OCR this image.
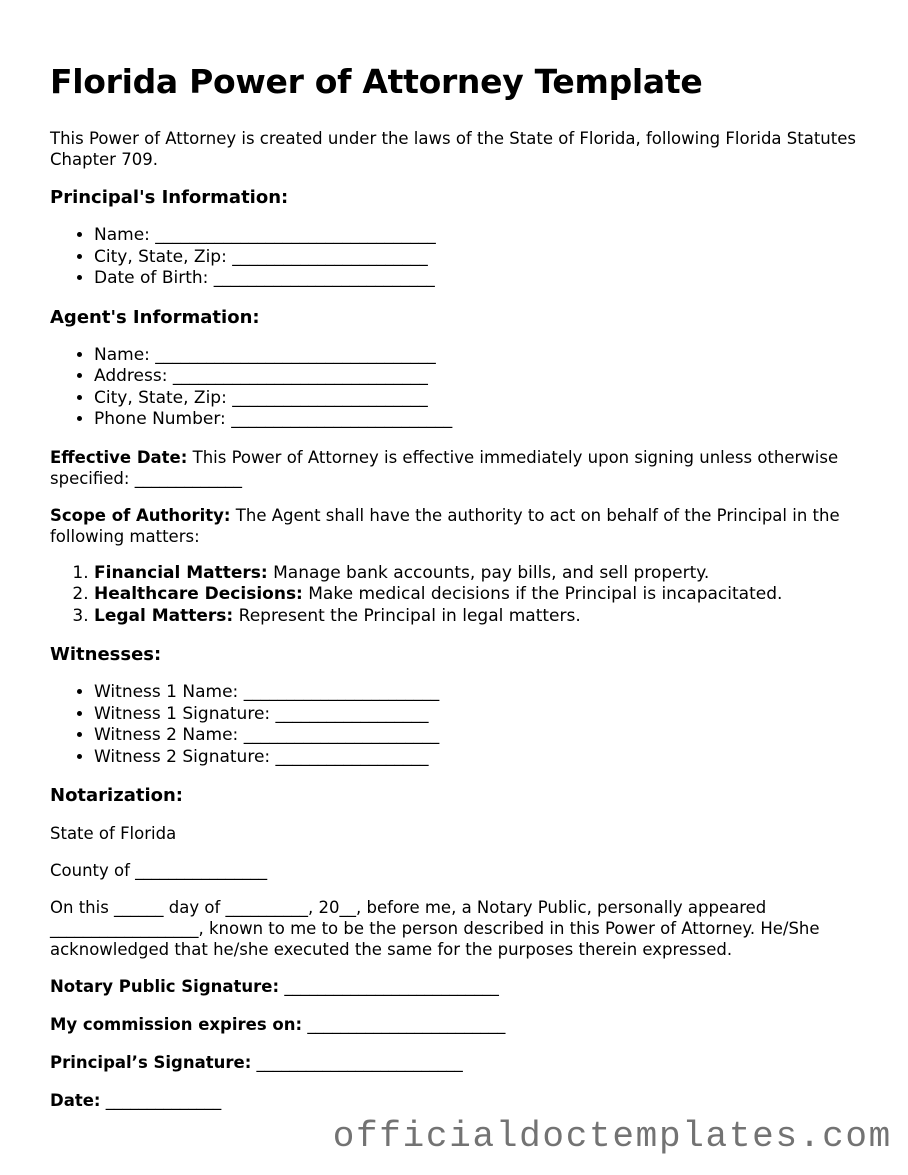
Florida Power of Attorney Template

This Power of Attorney is created under the laws of the State of Florida, following Florida Statutes Chapter 709.

Principal's Information:
• Name: _________________________________
• City, State, Zip: _______________________
• Date of Birth: __________________________
Agent's Information:
• Name: _________________________________
• Address: ______________________________
• City, State, Zip: _______________________
• Phone Number: __________________________

Effective Date: This Power of Attorney is effective immediately upon signing unless otherwise specified: _____________

Scope of Authority: The Agent shall have the authority to act on behalf of the Principal in the following matters:

1. Financial Matters: Manage bank accounts, pay bills, and sell property.
2. Healthcare Decisions: Make medical decisions if the Principal is incapacitated.
3. Legal Matters: Represent the Principal in legal matters.
Witnesses:
• Witness 1 Name: _______________________
• Witness 1 Signature: __________________
• Witness 2 Name: _______________________
• Witness 2 Signature: __________________
Notarization:

State of Florida

County of ________________

On this ______ day of __________, 20__, before me, a Notary Public, personally appeared __________________, known to me to be the person described in this Power of Attorney. He/She acknowledged that he/she executed the same for the purposes therein expressed.

Notary Public Signature: __________________________

My commission expires on: ________________________

Principal’s Signature: _________________________

Date: ______________

officialdoctemplates.com
